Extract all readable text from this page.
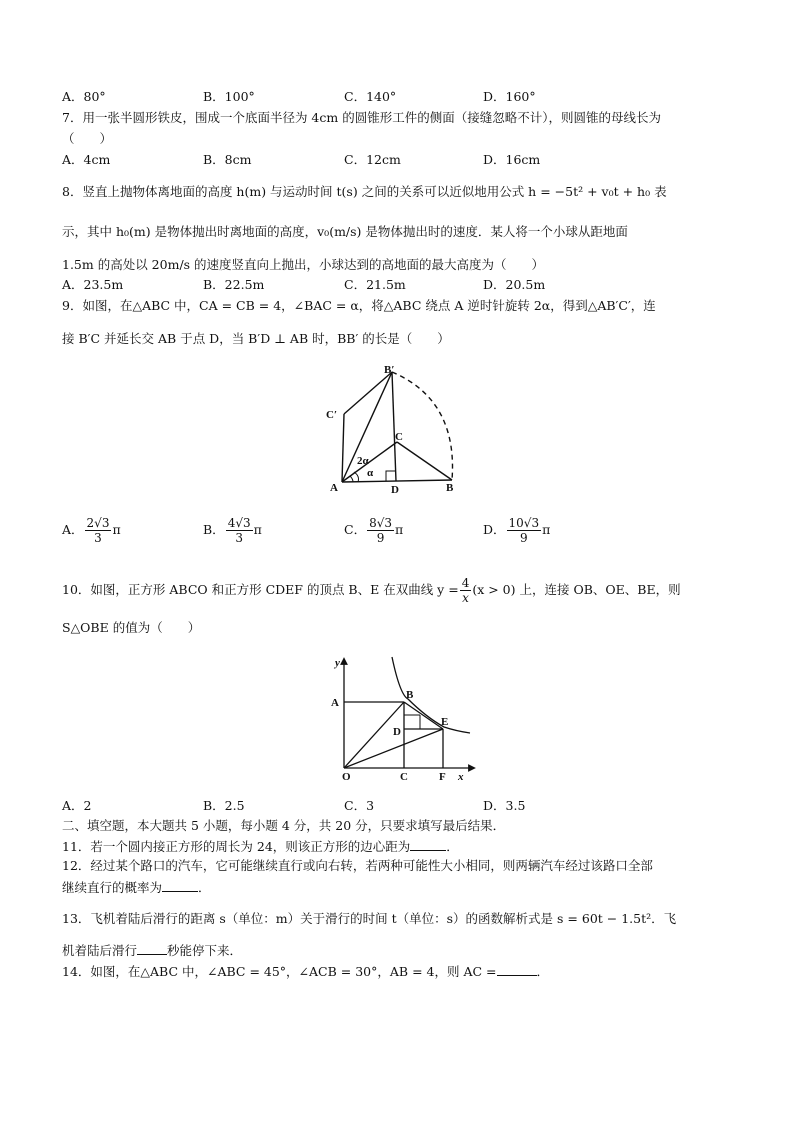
A．80°	B．100°	C．140°	D．160°
7．用一张半圆形铁皮，围成一个底面半径为 4cm 的圆锥形工件的侧面（接缝忽略不计），则圆锥的母线长为
（　　）
A．4cm	B．8cm	C．12cm	D．16cm
8．竖直上抛物体离地面的高度 h(m) 与运动时间 t(s) 之间的关系可以近似地用公式 h = −5t² + v₀t + h₀ 表
示，其中 h₀(m) 是物体抛出时离地面的高度，v₀(m/s) 是物体抛出时的速度．某人将一个小球从距地面
1.5m 的高处以 20m/s 的速度竖直向上抛出，小球达到的高地面的最大高度为（　　）
A．23.5m	B．22.5m	C．21.5m	D．20.5m
9．如图，在△ABC 中，CA = CB = 4，∠BAC = α，将△ABC 绕点 A 逆时针旋转 2α，得到△AB′C′，连
接 B′C 并延长交 AB 于点 D，当 B′D ⊥ AB 时，BB′ 的长是（　　）
B′
C′
C
2α
α
A	D	B
A． $\frac{2√3}{3}$ π	B． $\frac{4√3}{3}$ π	C． $\frac{8√3}{9}$ π	D． $\frac{10√3}{9}$ π
10．如图，正方形 ABCO 和正方形 CDEF 的顶点 B、E 在双曲线 $y = \frac{4}{x} (x > 0)$ 上，连接 OB、OE、BE，则
S△OBE 的值为（　　）
y
A
B
D
E
O	C	F x
A．2	B．2.5	C．3	D．3.5
二、填空题，本大题共 5 小题，每小题 4 分，共 20 分，只要求填写最后结果．
11．若一个圆内接正方形的周长为 24，则该正方形的边心距为	．
12．经过某个路口的汽车，它可能继续直行或向右转，若两种可能性大小相同，则两辆汽车经过该路口全部
继续直行的概率为	．
13．飞机着陆后滑行的距离 s（单位：m）关于滑行的时间 t（单位：s）的函数解析式是 s = 60t − 1.5t²．飞
机着陆后滑行 秒能停下来．
14．如图，在△ABC 中，∠ABC = 45°，∠ACB = 30°，AB = 4，则 AC =	．
